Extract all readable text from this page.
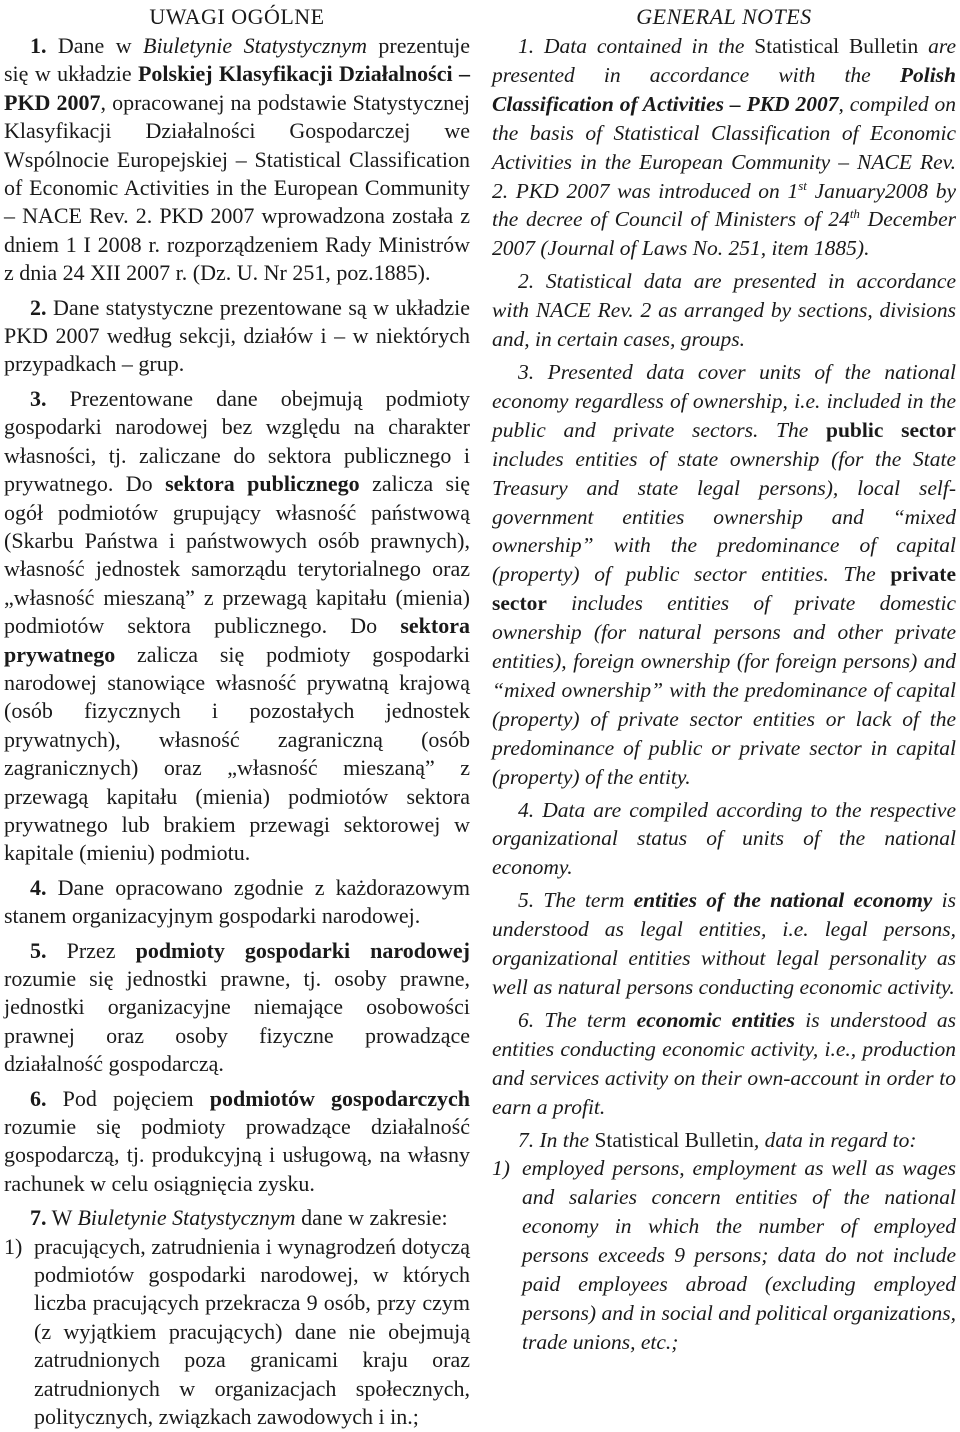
UWAGI OGÓLNE

1. Dane w Biuletynie Statystycznym prezentuje się w układzie Polskiej Klasyfikacji Działalności – PKD 2007, opracowanej na podstawie Statystycznej Klasyfikacji Działalności Gospodarczej we Wspólnocie Europejskiej – Statistical Classification of Economic Activities in the European Community – NACE Rev. 2. PKD 2007 wprowadzona została z dniem 1 I 2008 r. rozporządzeniem Rady Ministrów z dnia 24 XII 2007 r. (Dz. U. Nr 251, poz.1885).

2. Dane statystyczne prezentowane są w układzie PKD 2007 według sekcji, działów i – w niektórych przypadkach – grup.

3. Prezentowane dane obejmują podmioty gospodarki narodowej bez względu na charakter własności, tj. zaliczane do sektora publicznego i prywatnego. Do sektora publicznego zalicza się ogół podmiotów grupujący własność państwową (Skarbu Państwa i państwowych osób prawnych), własność jednostek samorządu terytorialnego oraz „własność mieszaną” z przewagą kapitału (mienia) podmiotów sektora publicznego. Do sektora prywatnego zalicza się podmioty gospodarki narodowej stanowiące własność prywatną krajową (osób fizycznych i pozostałych jednostek prywatnych), własność zagraniczną (osób zagranicznych) oraz „własność mieszaną” z przewagą kapitału (mienia) podmiotów sektora prywatnego lub brakiem przewagi sektorowej w kapitale (mieniu) podmiotu.

4. Dane opracowano zgodnie z każdorazowym stanem organizacyjnym gospodarki narodowej.

5. Przez podmioty gospodarki narodowej rozumie się jednostki prawne, tj. osoby prawne, jednostki organizacyjne niemające osobowości prawnej oraz osoby fizyczne prowadzące działalność gospodarczą.

6. Pod pojęciem podmiotów gospodarczych rozumie się podmioty prowadzące działalność gospodarczą, tj. produkcyjną i usługową, na własny rachunek w celu osiągnięcia zysku.

7. W Biuletynie Statystycznym dane w zakresie:

1) pracujących, zatrudnienia i wynagrodzeń dotyczą podmiotów gospodarki narodowej, w których liczba pracujących przekracza 9 osób, przy czym (z wyjątkiem pracujących) dane nie obejmują zatrudnionych poza granicami kraju oraz zatrudnionych w organizacjach społecznych, politycznych, związkach zawodowych i in.;
GENERAL NOTES

1. Data contained in the Statistical Bulletin are presented in accordance with the Polish Classification of Activities – PKD 2007, compiled on the basis of Statistical Classification of Economic Activities in the European Community – NACE Rev. 2. PKD 2007 was introduced on 1st January2008 by the decree of Council of Ministers of 24th December 2007 (Journal of Laws No. 251, item 1885).

2. Statistical data are presented in accordance with NACE Rev. 2 as arranged by sections, divisions and, in certain cases, groups.

3. Presented data cover units of the national economy regardless of ownership, i.e. included in the public and private sectors. The public sector includes entities of state ownership (for the State Treasury and state legal persons), local self-government entities ownership and “mixed ownership” with the predominance of capital (property) of public sector entities. The private sector includes entities of private domestic ownership (for natural persons and other private entities), foreign ownership (for foreign persons) and “mixed ownership” with the predominance of capital (property) of private sector entities or lack of the predominance of public or private sector in capital (property) of the entity.

4. Data are compiled according to the respective organizational status of units of the national economy.

5. The term entities of the national economy is understood as legal entities, i.e. legal persons, organizational entities without legal personality as well as natural persons conducting economic activity.

6. The term economic entities is understood as entities conducting economic activity, i.e., production and services activity on their own-account in order to earn a profit.

7. In the Statistical Bulletin, data in regard to:

1) employed persons, employment as well as wages and salaries concern entities of the national economy in which the number of employed persons exceeds 9 persons; data do not include paid employees abroad (excluding employed persons) and in social and political organizations, trade unions, etc.;
